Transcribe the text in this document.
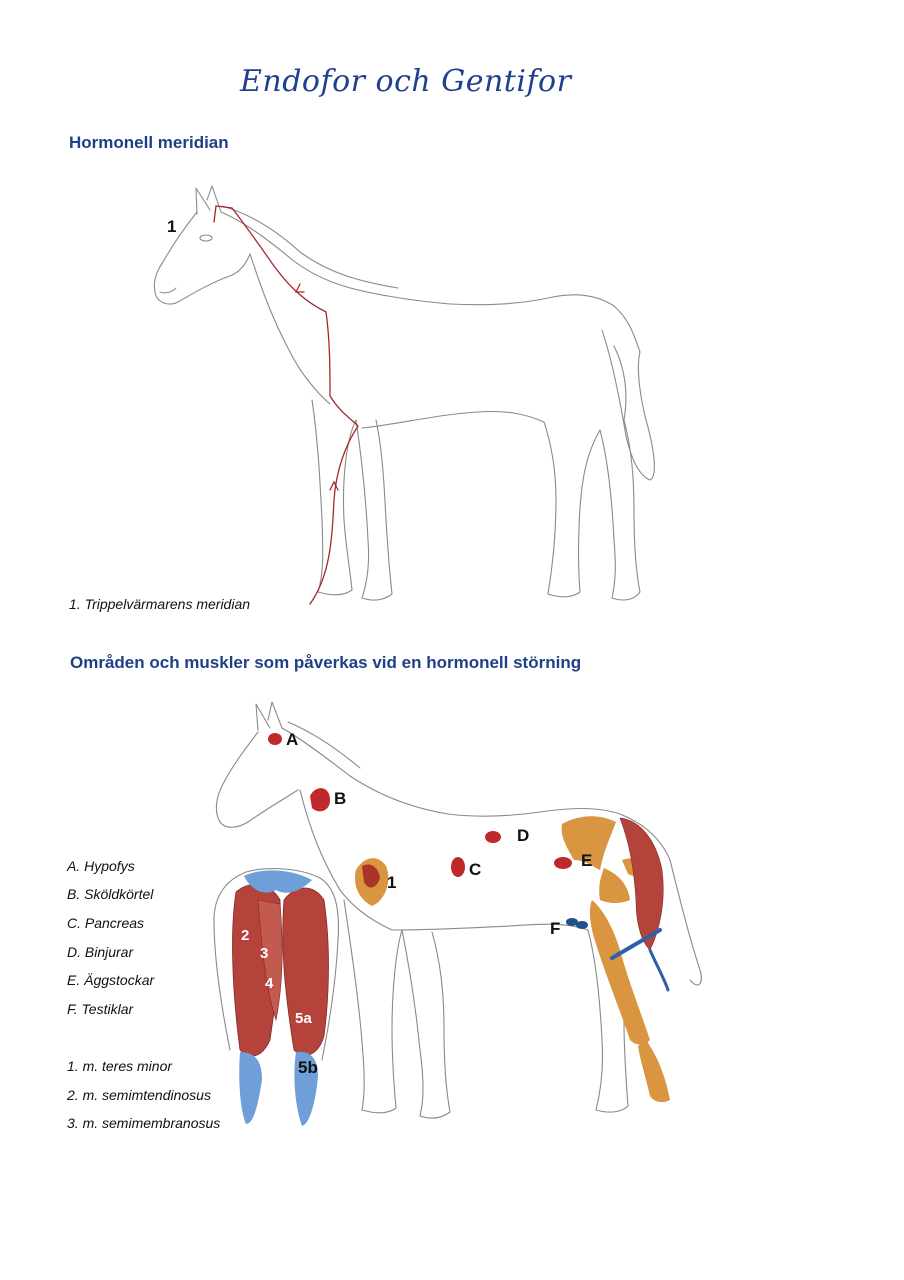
Endofor och Gentifor
Hormonell meridian
1
1. Trippelvärmarens meridian
Områden och muskler som påverkas vid en hormonell störning
A
B
C
D
E
F
1
2
3
4
5a
5b
A. Hypofys
B. Sköldkörtel
C. Pancreas
D. Binjurar
E. Äggstockar
F. Testiklar
1. m. teres minor
2. m. semimtendinosus
3. m. semimembranosus
